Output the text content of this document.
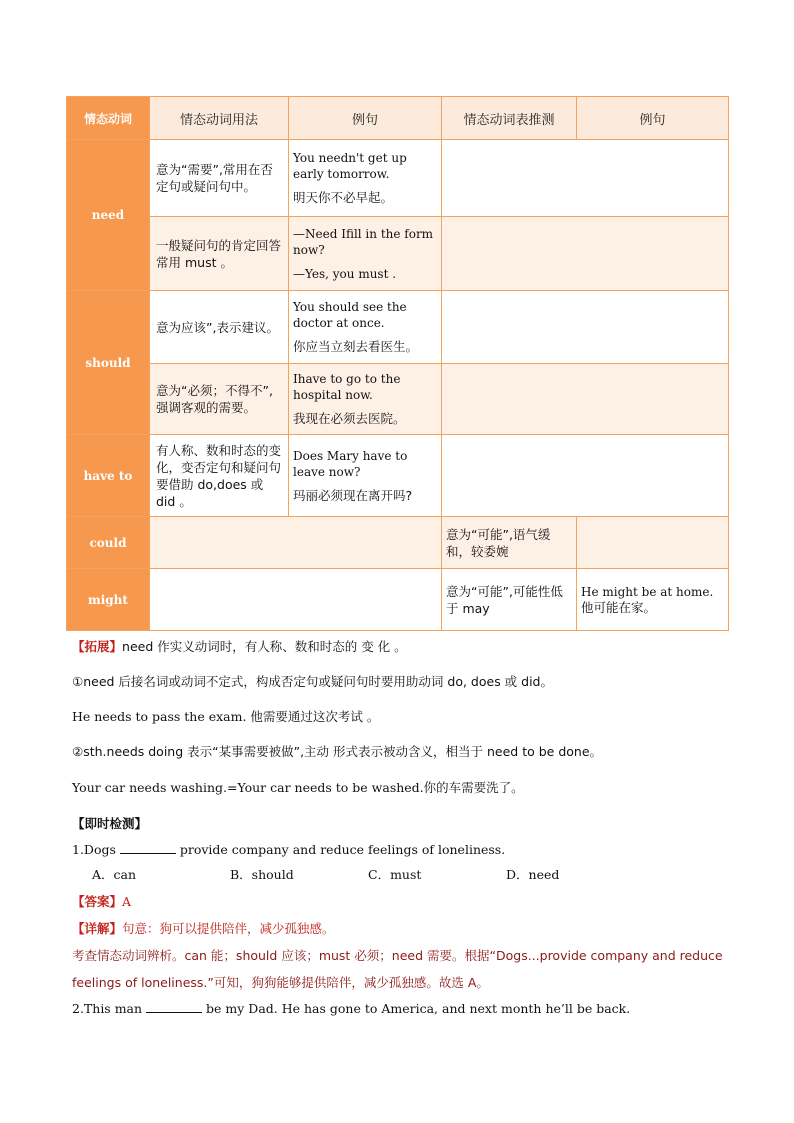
情态动词	情态动词用法	例句	情态动词表推测	例句
need	意为“需要”,常用在否定句或疑问句中。	You needn't get up early tomorrow.
明天你不必早起。		

	一般疑问句的肯定回答常用 must 。	—Need Ifill in the form now?
—Yes, you must .		

should	意为应该”,表示建议。	You should see the doctor at once.
你应当立刻去看医生。		

	意为“必须；不得不”,强调客观的需要。	Ihave to go to the hospital now.
我现在必须去医院。		

have to	有人称、数和时态的变化，变否定句和疑问句 要借助 do,does 或 did 。	Does Mary have to leave now?
玛丽必须现在离开吗?		

could			意为“可能”,语气缓和，较委婉	
might			意为“可能”,可能性低于 may	He might be at home.
他可能在家。
【拓展】need 作实义动词时，有人称、数和时态的 变 化 。
①need 后接名词或动词不定式，构成否定句或疑问句时要用助动词 do, does 或 did。
He needs to pass the exam. 他需要通过这次考试 。
②sth.needs doing 表示“某事需要被做”,主动 形式表示被动含义，相当于 need to be done。
Your car needs washing.=Your car needs to be washed.你的车需要洗了。
【即时检测】
1.Dogs	provide company and reduce feelings of loneliness.
A．can	B．should	C．must	D．need
【答案】A
【详解】句意：狗可以提供陪伴，减少孤独感。
考查情态动词辨析。can 能；should 应该；must 必须；need 需要。根据“Dogs...provide company and reduce
feelings of loneliness.”可知，狗狗能够提供陪伴，减少孤独感。故选 A。
2.This man	be my Dad. He has gone to America, and next month he’ll be back.
